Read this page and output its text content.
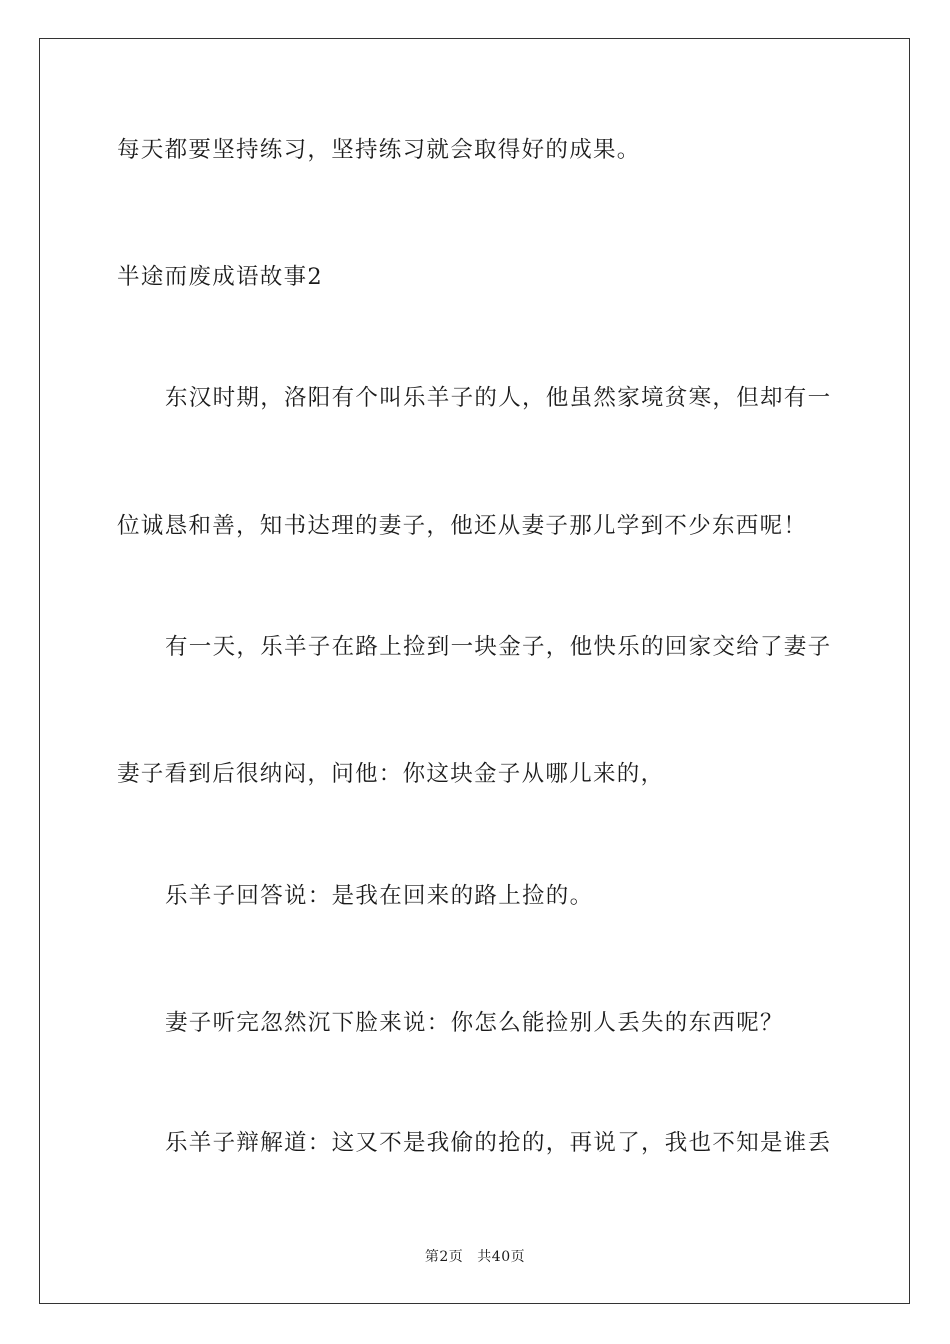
每天都要坚持练习，坚持练习就会取得好的成果。
半途而废成语故事2
东汉时期，洛阳有个叫乐羊子的人，他虽然家境贫寒，但却有一
位诚恳和善，知书达理的妻子，他还从妻子那儿学到不少东西呢！
有一天，乐羊子在路上捡到一块金子，他快乐的回家交给了妻子
妻子看到后很纳闷，问他：你这块金子从哪儿来的，
乐羊子回答说：是我在回来的路上捡的。
妻子听完忽然沉下脸来说：你怎么能捡别人丢失的东西呢？
乐羊子辩解道：这又不是我偷的抢的，再说了，我也不知是谁丢
第2页 共40页
